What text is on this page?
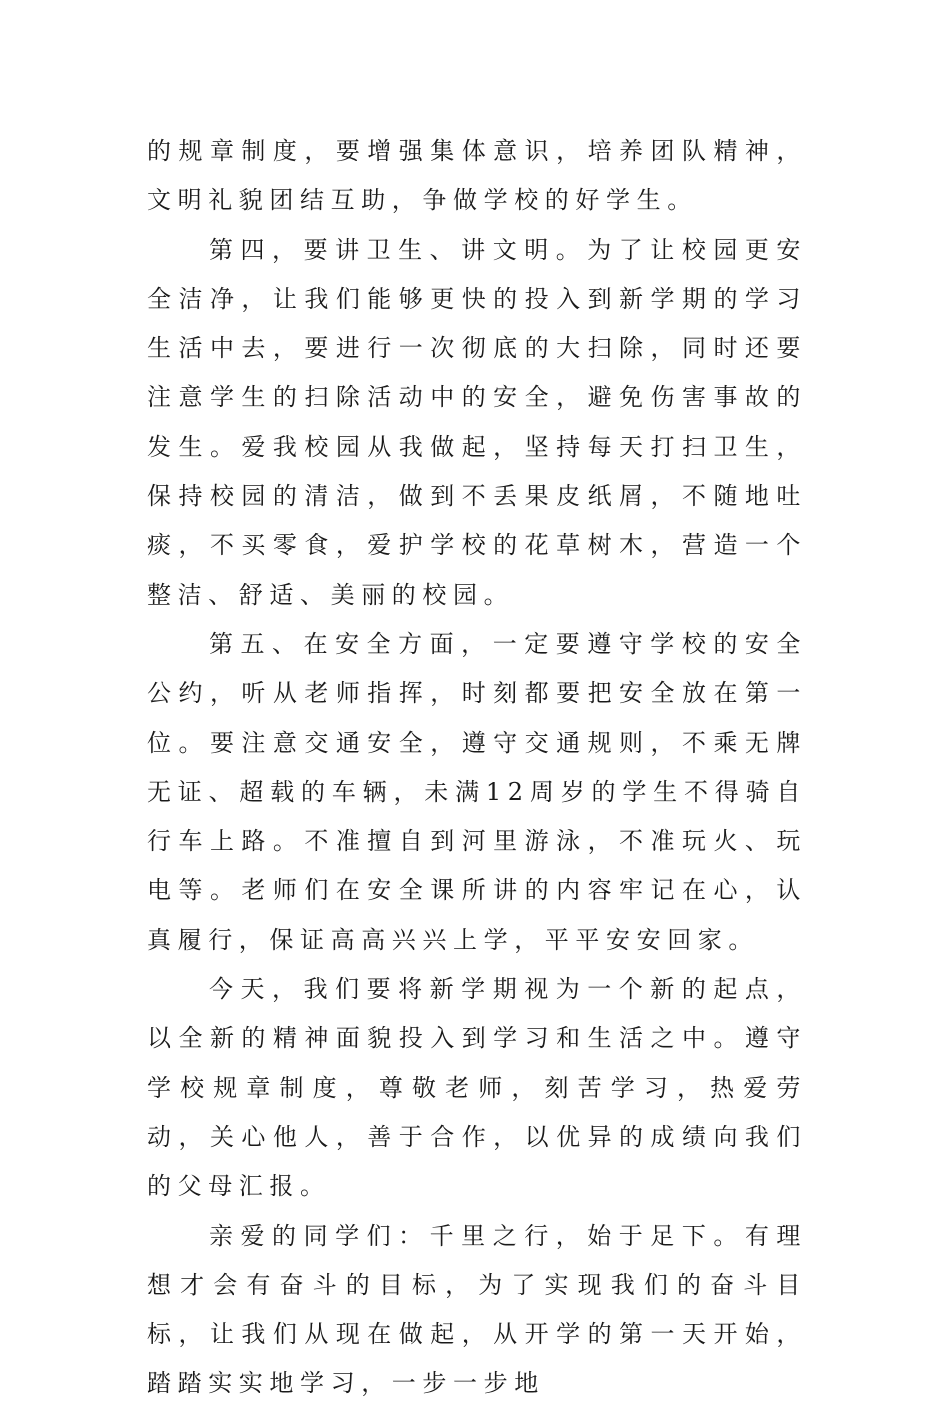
的规章制度，要增强集体意识，培养团队精神，文明礼貌团结互助，争做学校的好学生。

第四，要讲卫生、讲文明。为了让校园更安全洁净，让我们能够更快的投入到新学期的学习生活中去，要进行一次彻底的大扫除，同时还要注意学生的扫除活动中的安全，避免伤害事故的发生。爱我校园从我做起，坚持每天打扫卫生，保持校园的清洁，做到不丢果皮纸屑，不随地吐痰，不买零食，爱护学校的花草树木，营造一个整洁、舒适、美丽的校园。

第五、在安全方面，一定要遵守学校的安全公约，听从老师指挥，时刻都要把安全放在第一位。要注意交通安全，遵守交通规则，不乘无牌无证、超载的车辆，未满12周岁的学生不得骑自行车上路。不准擅自到河里游泳，不准玩火、玩电等。老师们在安全课所讲的内容牢记在心，认真履行，保证高高兴兴上学，平平安安回家。

今天，我们要将新学期视为一个新的起点，以全新的精神面貌投入到学习和生活之中。遵守学校规章制度，尊敬老师，刻苦学习，热爱劳动，关心他人，善于合作，以优异的成绩向我们的父母汇报。

亲爱的同学们：千里之行，始于足下。有理想才会有奋斗的目标，为了实现我们的奋斗目标，让我们从现在做起，从开学的第一天开始，踏踏实实地学习，一步一步地
